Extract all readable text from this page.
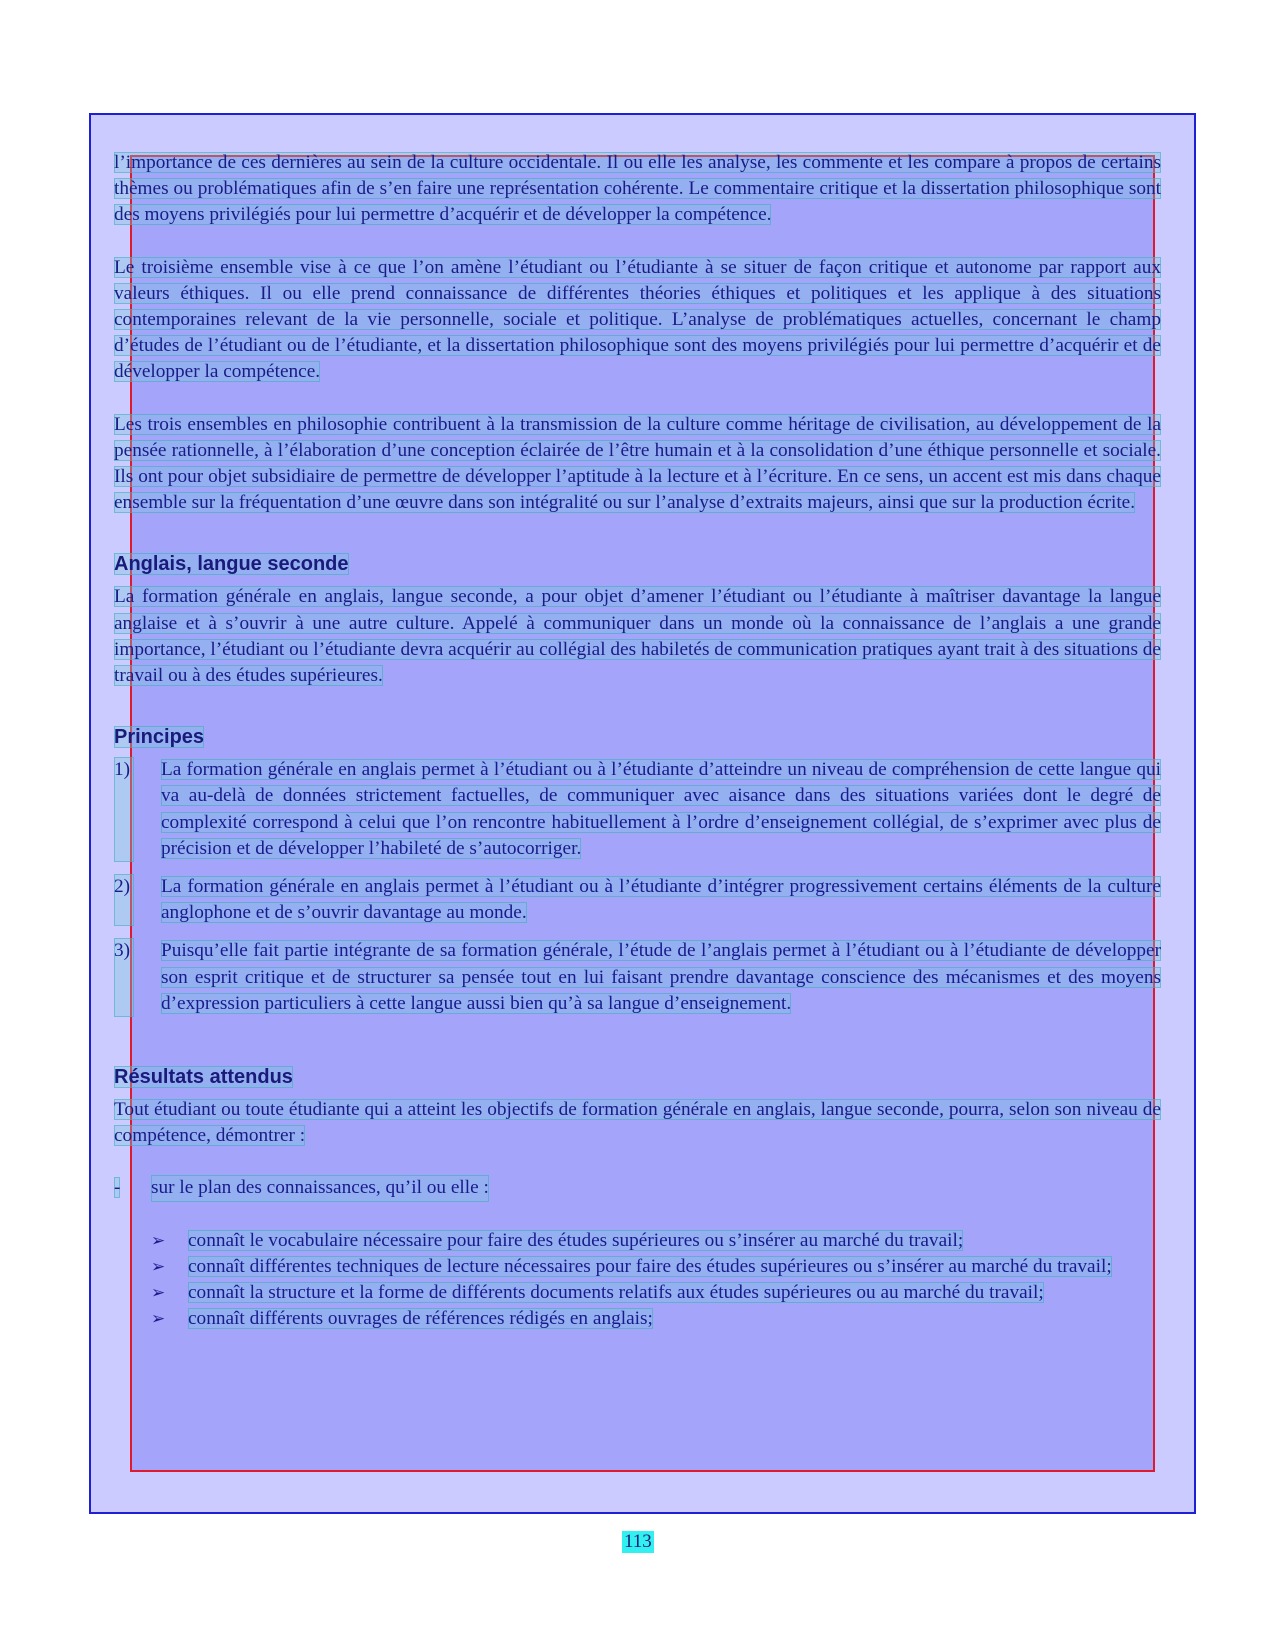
l’importance de ces dernières au sein de la culture occidentale. Il ou elle les analyse, les commente et les compare à propos de certains thèmes ou problématiques afin de s’en faire une représentation cohérente. Le commentaire critique et la dissertation philosophique sont des moyens privilégiés pour lui permettre d’acquérir et de développer la compétence.

Le troisième ensemble vise à ce que l’on amène l’étudiant ou l’étudiante à se situer de façon critique et autonome par rapport aux valeurs éthiques. Il ou elle prend connaissance de différentes théories éthiques et politiques et les applique à des situations contemporaines relevant de la vie personnelle, sociale et politique. L’analyse de problématiques actuelles, concernant le champ d’études de l’étudiant ou de l’étudiante, et la dissertation philosophique sont des moyens privilégiés pour lui permettre d’acquérir et de développer la compétence.

Les trois ensembles en philosophie contribuent à la transmission de la culture comme héritage de civilisation, au développement de la pensée rationnelle, à l’élaboration d’une conception éclairée de l’être humain et à la consolidation d’une éthique personnelle et sociale. Ils ont pour objet subsidiaire de permettre de développer l’aptitude à la lecture et à l’écriture. En ce sens, un accent est mis dans chaque ensemble sur la fréquentation d’une œuvre dans son intégralité ou sur l’analyse d’extraits majeurs, ainsi que sur la production écrite.

Anglais, langue seconde

La formation générale en anglais, langue seconde, a pour objet d’amener l’étudiant ou l’étudiante à maîtriser davantage la langue anglaise et à s’ouvrir à une autre culture. Appelé à communiquer dans un monde où la connaissance de l’anglais a une grande importance, l’étudiant ou l’étudiante devra acquérir au collégial des habiletés de communication pratiques ayant trait à des situations de travail ou à des études supérieures.

Principes
1) La formation générale en anglais permet à l’étudiant ou à l’étudiante d’atteindre un niveau de compréhension de cette langue qui va au-delà de données strictement factuelles, de communiquer avec aisance dans des situations variées dont le degré de complexité correspond à celui que l’on rencontre habituellement à l’ordre d’enseignement collégial, de s’exprimer avec plus de précision et de développer l’habileté de s’autocorriger.
2) La formation générale en anglais permet à l’étudiant ou à l’étudiante d’intégrer progressivement certains éléments de la culture anglophone et de s’ouvrir davantage au monde.
3) Puisqu’elle fait partie intégrante de sa formation générale, l’étude de l’anglais permet à l’étudiant ou à l’étudiante de développer son esprit critique et de structurer sa pensée tout en lui faisant prendre davantage conscience des mécanismes et des moyens d’expression particuliers à cette langue aussi bien qu’à sa langue d’enseignement.
Résultats attendus

Tout étudiant ou toute étudiante qui a atteint les objectifs de formation générale en anglais, langue seconde, pourra, selon son niveau de compétence, démontrer :

-	sur le plan des connaissances, qu’il ou elle :
➢	connaît le vocabulaire nécessaire pour faire des études supérieures ou s’insérer au marché du travail;
➢	connaît différentes techniques de lecture nécessaires pour faire des études supérieures ou s’insérer au marché du travail;
➢	connaît la structure et la forme de différents documents relatifs aux études supérieures ou au marché du travail;
➢	connaît différents ouvrages de références rédigés en anglais;
113
